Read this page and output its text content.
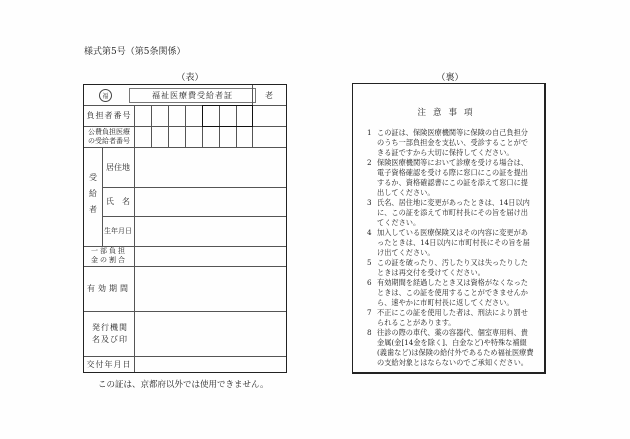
様式第5号（第5条関係）
（表）	（裏）
福	福祉医療費受給者証	老
負担者番号
公費負担医療の受給者番号
受給者
居住地
氏　名
生年月日
一部負担金の割合
有効期間
発行機関名及び印
交付年月日
この証は、京都府以外では使用できません。
注意事項
1 この証は、保険医療機関等に保険の自己負担分のうち一部負担金を支払い、受診することができる証ですから大切に保持してください。
2 保険医療機関等において診療を受ける場合は、電子資格確認を受ける際に窓口にこの証を提出するか、資格確認書にこの証を添えて窓口に提出してください。
3 氏名、居住地に変更があったときは、14日以内に、この証を添えて市町村長にその旨を届け出てください。
4 加入している医療保険又はその内容に変更があったときは、14日以内に市町村長にその旨を届け出てください。
5 この証を破ったり、汚したり又は失ったりしたときは再交付を受けてください。
6 有効期間を経過したとき又は資格がなくなったときは、この証を使用することができませんから、速やかに市町村長に返してください。
7 不正にこの証を使用した者は、刑法により罰せられることがあります。
8 往診の際の車代、薬の容器代、個室専用料、貴金属(金[14金を除く]、白金など)や特殊な補綴(義歯など)は保険の給付外であるため福祉医療費の支給対象とはならないのでご承知ください。
